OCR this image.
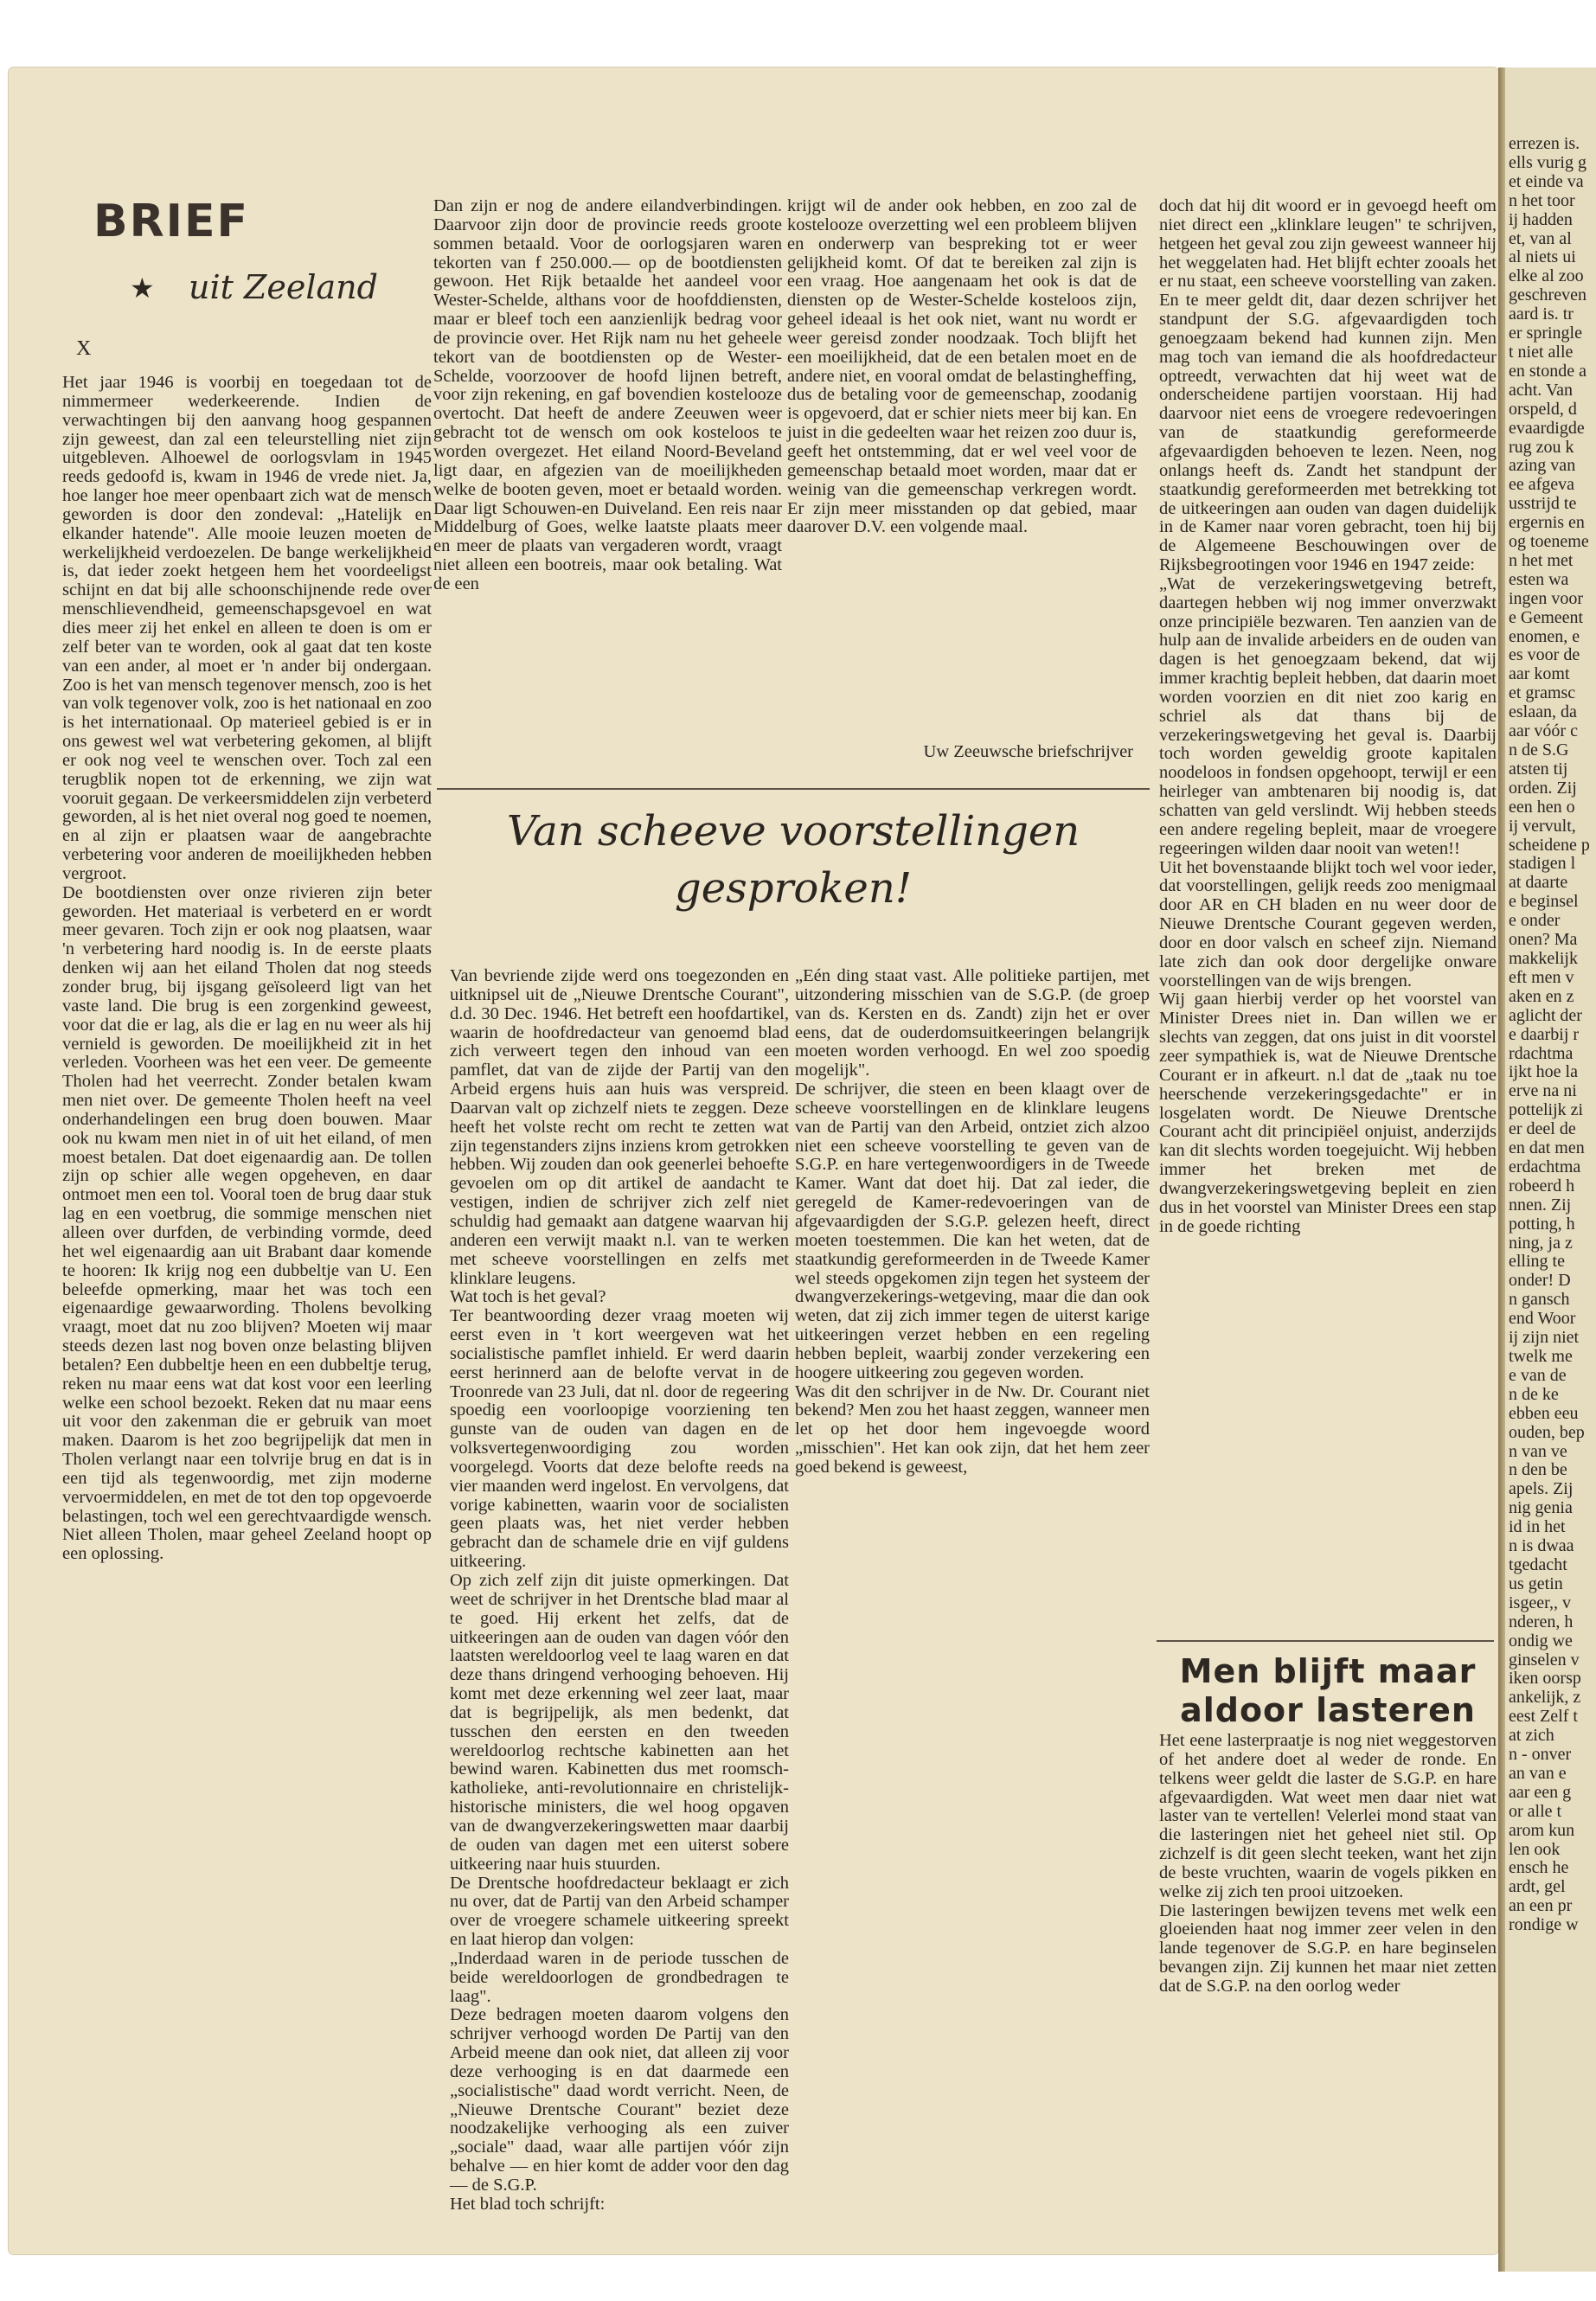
BRIEF
★ uit Zeeland
X

Het jaar 1946 is voorbij en toegedaan tot de nimmermeer wederkeerende. Indien de verwachtingen bij den aanvang hoog gespannen zijn geweest, dan zal een teleurstelling niet zijn uitgebleven. Alhoewel de oorlogsvlam in 1945 reeds gedoofd is, kwam in 1946 de vrede niet. Ja, hoe langer hoe meer openbaart zich wat de mensch geworden is door den zondeval: „Hatelijk en elkander hatende". Alle mooie leuzen moeten de werkelijkheid verdoezelen. De bange werkelijkheid is, dat ieder zoekt hetgeen hem het voordeeligst schijnt en dat bij alle schoonschijnende rede over menschlievendheid, gemeenschapsgevoel en wat dies meer zij het enkel en alleen te doen is om er zelf beter van te worden, ook al gaat dat ten koste van een ander, al moet er 'n ander bij ondergaan. Zoo is het van mensch tegenover mensch, zoo is het van volk tegenover volk, zoo is het nationaal en zoo is het internationaal. Op materieel gebied is er in ons gewest wel wat verbetering gekomen, al blijft er ook nog veel te wenschen over. Toch zal een terugblik nopen tot de erkenning, we zijn wat vooruit gegaan. De verkeersmiddelen zijn verbeterd geworden, al is het niet overal nog goed te noemen, en al zijn er plaatsen waar de aangebrachte verbetering voor anderen de moeilijkheden hebben vergroot.
De bootdiensten over onze rivieren zijn beter geworden. Het materiaal is verbeterd en er wordt meer gevaren. Toch zijn er ook nog plaatsen, waar 'n verbetering hard noodig is. In de eerste plaats denken wij aan het eiland Tholen dat nog steeds zonder brug, bij ijsgang geïsoleerd ligt van het vaste land. Die brug is een zorgenkind geweest, voor dat die er lag, als die er lag en nu weer als hij vernield is geworden. De moeilijkheid zit in het verleden. Voorheen was het een veer. De gemeente Tholen had het veerrecht. Zonder betalen kwam men niet over. De gemeente Tholen heeft na veel onderhandelingen een brug doen bouwen. Maar ook nu kwam men niet in of uit het eiland, of men moest betalen. Dat doet eigenaardig aan. De tollen zijn op schier alle wegen opgeheven, en daar ontmoet men een tol. Vooral toen de brug daar stuk lag en een voetbrug, die sommige menschen niet alleen over durfden, de verbinding vormde, deed het wel eigenaardig aan uit Brabant daar komende te hooren: Ik krijg nog een dubbeltje van U. Een beleefde opmerking, maar het was toch een eigenaardige gewaarwording. Tholens bevolking vraagt, moet dat nu zoo blijven? Moeten wij maar steeds dezen last nog boven onze belasting blijven betalen? Een dubbeltje heen en een dubbeltje terug, reken nu maar eens wat dat kost voor een leerling welke een school bezoekt. Reken dat nu maar eens uit voor den zakenman die er gebruik van moet maken. Daarom is het zoo begrijpelijk dat men in Tholen verlangt naar een tolvrije brug en dat is in een tijd als tegenwoordig, met zijn moderne vervoermiddelen, en met de tot den top opgevoerde belastingen, toch wel een gerechtvaardigde wensch. Niet alleen Tholen, maar geheel Zeeland hoopt op een oplossing.

Dan zijn er nog de andere eilandverbindingen. Daarvoor zijn door de provincie reeds groote sommen betaald. Voor de oorlogsjaren waren tekorten van f 250.000.— op de bootdiensten gewoon. Het Rijk betaalde het aandeel voor Wester-Schelde, althans voor de hoofddiensten, maar er bleef toch een aanzienlijk bedrag voor de provincie over. Het Rijk nam nu het geheele tekort van de bootdiensten op de Wester-Schelde, voorzoover de hoofd lijnen betreft, voor zijn rekening, en gaf bovendien kostelooze overtocht. Dat heeft de andere Zeeuwen weer gebracht tot de wensch om ook kosteloos te worden overgezet. Het eiland Noord-Beveland ligt daar, en afgezien van de moeilijkheden welke de booten geven, moet er betaald worden. Daar ligt Schouwen-en Duiveland. Een reis naar Middelburg of Goes, welke laatste plaats meer en meer de plaats van vergaderen wordt, vraagt niet alleen een bootreis, maar ook betaling. Wat de een

krijgt wil de ander ook hebben, en zoo zal de kostelooze overzetting wel een probleem blijven en onderwerp van bespreking tot er weer gelijkheid komt. Of dat te bereiken zal zijn is een vraag. Hoe aangenaam het ook is dat de diensten op de Wester-Schelde kosteloos zijn, geheel ideaal is het ook niet, want nu wordt er weer gereisd zonder noodzaak. Toch blijft het een moeilijkheid, dat de een betalen moet en de andere niet, en vooral omdat de belastingheffing, dus de betaling voor de gemeenschap, zoodanig is opgevoerd, dat er schier niets meer bij kan. En juist in die gedeelten waar het reizen zoo duur is, geeft het ontstemming, dat er wel veel voor de gemeenschap betaald moet worden, maar dat er weinig van die gemeenschap verkregen wordt. Er zijn meer misstanden op dat gebied, maar daarover D.V. een volgende maal.

Uw Zeeuwsche briefschrijver
Van scheeve voorstellingen gesproken!

doch dat hij dit woord er in gevoegd heeft om niet direct een „klinklare leugen" te schrijven, hetgeen het geval zou zijn geweest wanneer hij het weggelaten had. Het blijft echter zooals het er nu staat, een scheeve voorstelling van zaken. En te meer geldt dit, daar dezen schrijver het standpunt der S.G. afgevaardigden toch genoegzaam bekend had kunnen zijn. Men mag toch van iemand die als hoofdredacteur optreedt, verwachten dat hij weet wat de onderscheidene partijen voorstaan. Hij had daarvoor niet eens de vroegere redevoeringen van de staatkundig gereformeerde afgevaardigden behoeven te lezen. Neen, nog onlangs heeft ds. Zandt het standpunt der staatkundig gereformeerden met betrekking tot de uitkeeringen aan ouden van dagen duidelijk in de Kamer naar voren gebracht, toen hij bij de Algemeene Beschouwingen over de Rijksbegrootingen voor 1946 en 1947 zeide:
„Wat de verzekeringswetgeving betreft, daartegen hebben wij nog immer onverzwakt onze principiële bezwaren. Ten aanzien van de hulp aan de invalide arbeiders en de ouden van dagen is het genoegzaam bekend, dat wij immer krachtig bepleit hebben, dat daarin moet worden voorzien en dit niet zoo karig en schriel als dat thans bij de verzekeringswetgeving het geval is. Daarbij toch worden geweldig groote kapitalen noodeloos in fondsen opgehoopt, terwijl er een heirleger van ambtenaren bij noodig is, dat schatten van geld verslindt. Wij hebben steeds een andere regeling bepleit, maar de vroegere regeeringen wilden daar nooit van weten!!
Uit het bovenstaande blijkt toch wel voor ieder, dat voorstellingen, gelijk reeds zoo menigmaal door AR en CH bladen en nu weer door de Nieuwe Drentsche Courant gegeven werden, door en door valsch en scheef zijn. Niemand late zich dan ook door dergelijke onware voorstellingen van de wijs brengen.
Wij gaan hierbij verder op het voorstel van Minister Drees niet in. Dan willen we er slechts van zeggen, dat ons juist in dit voorstel zeer sympathiek is, wat de Nieuwe Drentsche Courant er in afkeurt. n.l dat de „taak nu toe heerschende verzekeringsgedachte" er in losgelaten wordt. De Nieuwe Drentsche Courant acht dit principiëel onjuist, anderzijds kan dit slechts worden toegejuicht. Wij hebben immer het breken met de dwangverzekeringswetgeving bepleit en zien dus in het voorstel van Minister Drees een stap in de goede richting

Van bevriende zijde werd ons toegezonden en uitknipsel uit de „Nieuwe Drentsche Courant", d.d. 30 Dec. 1946. Het betreft een hoofdartikel, waarin de hoofdredacteur van genoemd blad zich verweert tegen den inhoud van een pamflet, dat van de zijde der Partij van den Arbeid ergens huis aan huis was verspreid. Daarvan valt op zichzelf niets te zeggen. Deze heeft het volste recht om recht te zetten wat zijn tegenstanders zijns inziens krom getrokken hebben. Wij zouden dan ook geenerlei behoefte gevoelen om op dit artikel de aandacht te vestigen, indien de schrijver zich zelf niet schuldig had gemaakt aan datgene waarvan hij anderen een verwijt maakt n.l. van te werken met scheeve voorstellingen en zelfs met klinklare leugens.
Wat toch is het geval?
Ter beantwoording dezer vraag moeten wij eerst even in 't kort weergeven wat het socialistische pamflet inhield. Er werd daarin eerst herinnerd aan de belofte vervat in de Troonrede van 23 Juli, dat nl. door de regeering spoedig een voorloopige voorziening ten gunste van de ouden van dagen en de volksvertegenwoordiging zou worden voorgelegd. Voorts dat deze belofte reeds na vier maanden werd ingelost. En vervolgens, dat vorige kabinetten, waarin voor de socialisten geen plaats was, het niet verder hebben gebracht dan de schamele drie en vijf guldens uitkeering.
Op zich zelf zijn dit juiste opmerkingen. Dat weet de schrijver in het Drentsche blad maar al te goed. Hij erkent het zelfs, dat de uitkeeringen aan de ouden van dagen vóór den laatsten wereldoorlog veel te laag waren en dat deze thans dringend verhooging behoeven. Hij komt met deze erkenning wel zeer laat, maar dat is begrijpelijk, als men bedenkt, dat tusschen den eersten en den tweeden wereldoorlog rechtsche kabinetten aan het bewind waren. Kabinetten dus met roomsch-katholieke, anti-revolutionnaire en christelijk-historische ministers, die wel hoog opgaven van de dwangverzekeringswetten maar daarbij de ouden van dagen met een uiterst sobere uitkeering naar huis stuurden.
De Drentsche hoofdredacteur beklaagt er zich nu over, dat de Partij van den Arbeid schamper over de vroegere schamele uitkeering spreekt en laat hierop dan volgen:
„Inderdaad waren in de periode tusschen de beide wereldoorlogen de grondbedragen te laag".
Deze bedragen moeten daarom volgens den schrijver verhoogd worden De Partij van den Arbeid meene dan ook niet, dat alleen zij voor deze verhooging is en dat daarmede een „socialistische" daad wordt verricht. Neen, de „Nieuwe Drentsche Courant" beziet deze noodzakelijke verhooging als een zuiver „sociale" daad, waar alle partijen vóór zijn behalve — en hier komt de adder voor den dag — de S.G.P.
Het blad toch schrijft:

„Eén ding staat vast. Alle politieke partijen, met uitzondering misschien van de S.G.P. (de groep van ds. Kersten en ds. Zandt) zijn het er over eens, dat de ouderdomsuitkeeringen belangrijk moeten worden verhoogd. En wel zoo spoedig mogelijk".
De schrijver, die steen en been klaagt over de scheeve voorstellingen en de klinklare leugens van de Partij van den Arbeid, ontziet zich alzoo niet een scheeve voorstelling te geven van de S.G.P. en hare vertegenwoordigers in de Tweede Kamer. Want dat doet hij. Dat zal ieder, die geregeld de Kamer-redevoeringen van de afgevaardigden der S.G.P. gelezen heeft, direct moeten toestemmen. Die kan het weten, dat de staatkundig gereformeerden in de Tweede Kamer wel steeds opgekomen zijn tegen het systeem der dwangverzekerings-wetgeving, maar die dan ook weten, dat zij zich immer tegen de uiterst karige uitkeeringen verzet hebben en een regeling hebben bepleit, waarbij zonder verzekering een hoogere uitkeering zou gegeven worden.
Was dit den schrijver in de Nw. Dr. Courant niet bekend? Men zou het haast zeggen, wanneer men let op het door hem ingevoegde woord „misschien". Het kan ook zijn, dat het hem zeer goed bekend is geweest,

Men blijft maar aldoor lasteren

Het eene lasterpraatje is nog niet weggestorven of het andere doet al weder de ronde. En telkens weer geldt die laster de S.G.P. en hare afgevaardigden. Wat weet men daar niet wat laster van te vertellen! Velerlei mond staat van die lasteringen niet het geheel niet stil. Op zichzelf is dit geen slecht teeken, want het zijn de beste vruchten, waarin de vogels pikken en welke zij zich ten prooi uitzoeken.
Die lasteringen bewijzen tevens met welk een gloeienden haat nog immer zeer velen in den lande tegenover de S.G.P. en hare beginselen bevangen zijn. Zij kunnen het maar niet zetten dat de S.G.P. na den oorlog weder

errezen is.

ells vurig g

et einde va

n het toor

ij hadden

et, van al

al niets ui

elke al zoo

geschreven

aard is. tr

er springle

t niet alle

en stonde a

acht. Van

orspeld, d

evaardigde

rug zou k

azing van

ee afgeva

usstrijd te

ergernis en

og toeneme

n het met

esten wa

ingen voor

e Gemeent

enomen, e

es voor de

aar komt

et gramsc

eslaan, da

aar vóór c

n de S.G

atsten tij

orden. Zij

een hen o

ij vervult,

scheidene p

stadigen l

at daarte

e beginsel

e onder

onen? Ma

makkelijk

eft men v

aken en z

aglicht der

e daarbij r

rdachtma

ijkt hoe la

erve na ni

pottelijk zi

er deel de

en dat men

erdachtma

robeerd h

nnen. Zij

potting, h

ning, ja z

elling te

onder! D

n gansch

end Woor

ij zijn niet

twelk me

e van de

n de ke

ebben eeu

ouden, bep

n van ve

n den be

apels. Zij

nig genia

id in het

n is dwaa

tgedacht

us getin

isgeer,, v

nderen, h

ondig we

ginselen v

iken oorsp

ankelijk, z

eest Zelf t

at zich

n - onver

an van e

aar een g

or alle t

arom kun

len ook

ensch he

ardt, gel

an een pr

rondige w
